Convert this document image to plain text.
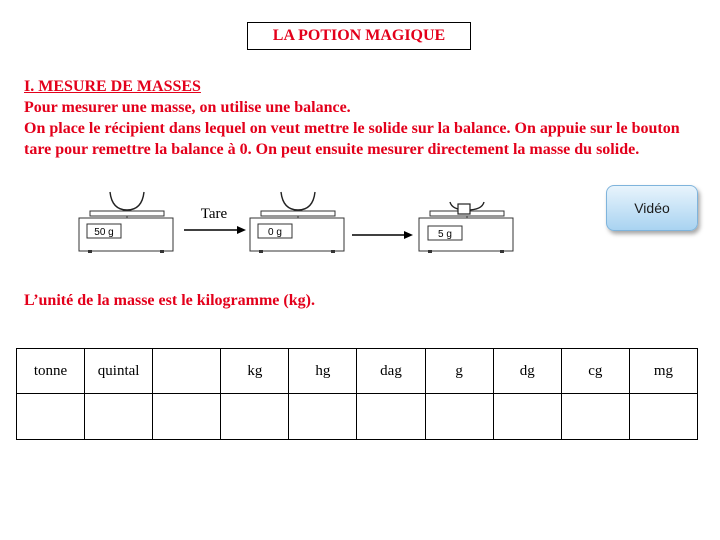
LA POTION MAGIQUE

I. MESURE DE MASSES

Pour mesurer une masse, on utilise une balance.

On place le récipient dans lequel on veut mettre le solide sur la balance. On appuie sur le bouton tare pour remettre la balance à 0. On peut ensuite mesurer directement la masse du solide.

50 g
Tare
0 g	5 g
Vidéo
L’unité de la masse est le kilogramme (kg).
tonne	quintal		kg	hg	dag	g	dg	cg	mg
